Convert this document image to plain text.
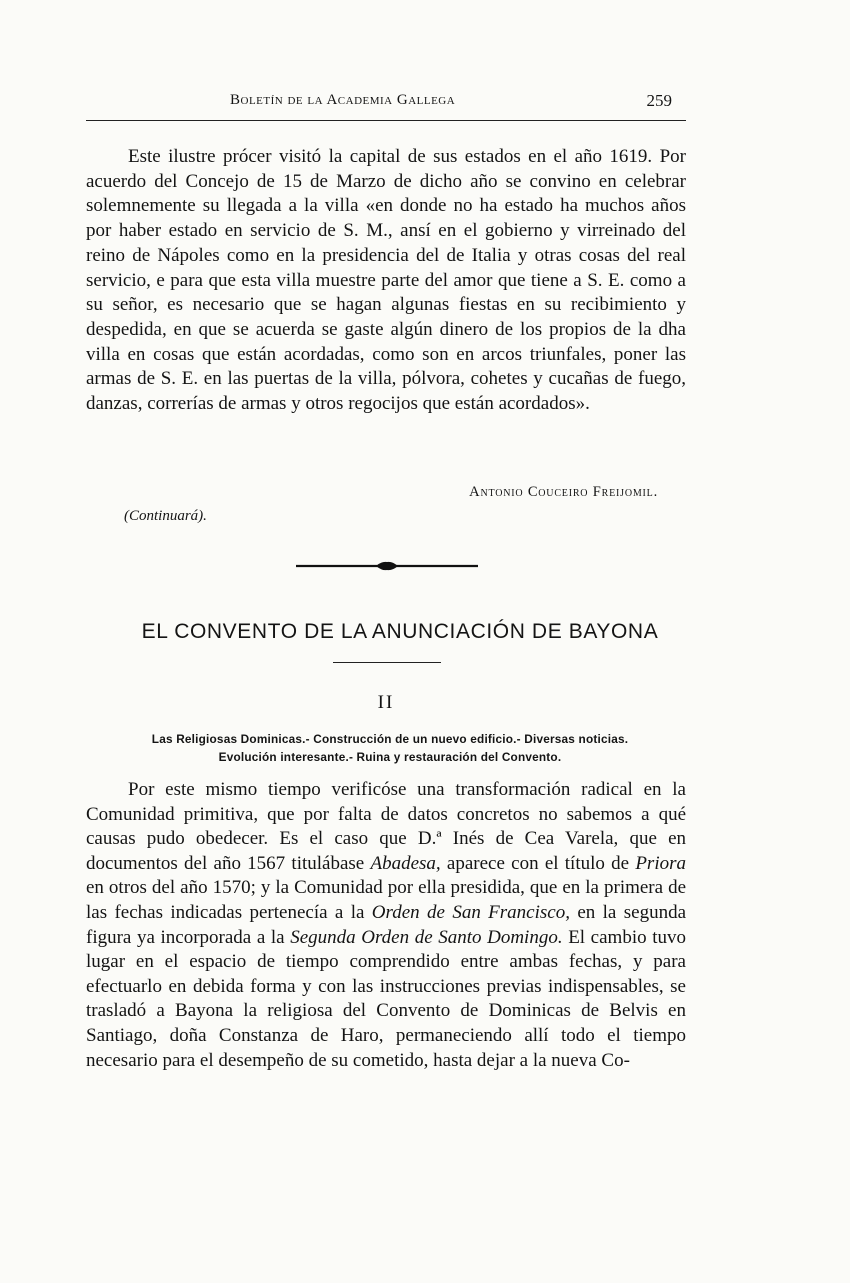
Boletín de la Academia Gallega	259

Este ilustre prócer visitó la capital de sus estados en el año 1619. Por acuerdo del Concejo de 15 de Marzo de dicho año se convino en celebrar solemnemente su llegada a la villa «en donde no ha estado ha muchos años por haber estado en servicio de S. M., ansí en el gobierno y virreinado del reino de Nápoles como en la presidencia del de Italia y otras cosas del real servicio, e para que esta villa muestre parte del amor que tiene a S. E. como a su señor, es necesario que se hagan algunas fiestas en su recibimiento y despedida, en que se acuerda se gaste algún dinero de los propios de la dha villa en cosas que están acordadas, como son en arcos triunfales, poner las armas de S. E. en las puertas de la villa, pólvora, cohetes y cucañas de fuego, danzas, correrías de armas y otros regocijos que están acordados».

Antonio Couceiro Freijomil.
(Continuará).
EL CONVENTO DE LA ANUNCIACIÓN DE BAYONA
II
Las Religiosas Dominicas.- Construcción de un nuevo edificio.- Diversas noticias.
Evolución interesante.- Ruina y restauración del Convento.

Por este mismo tiempo verificóse una transformación radical en la Comunidad primitiva, que por falta de datos concretos no sabemos a qué causas pudo obedecer. Es el caso que D.ª Inés de Cea Varela, que en documentos del año 1567 titulábase Abadesa, aparece con el título de Priora en otros del año 1570; y la Comunidad por ella presidida, que en la primera de las fechas indicadas pertenecía a la Orden de San Francisco, en la segunda figura ya incorporada a la Segunda Orden de Santo Domingo. El cambio tuvo lugar en el espacio de tiempo comprendido entre ambas fechas, y para efectuarlo en debida forma y con las instrucciones previas indispensables, se trasladó a Bayona la religiosa del Convento de Dominicas de Belvis en Santiago, doña Constanza de Haro, permaneciendo allí todo el tiempo necesario para el desempeño de su cometido, hasta dejar a la nueva Co-
